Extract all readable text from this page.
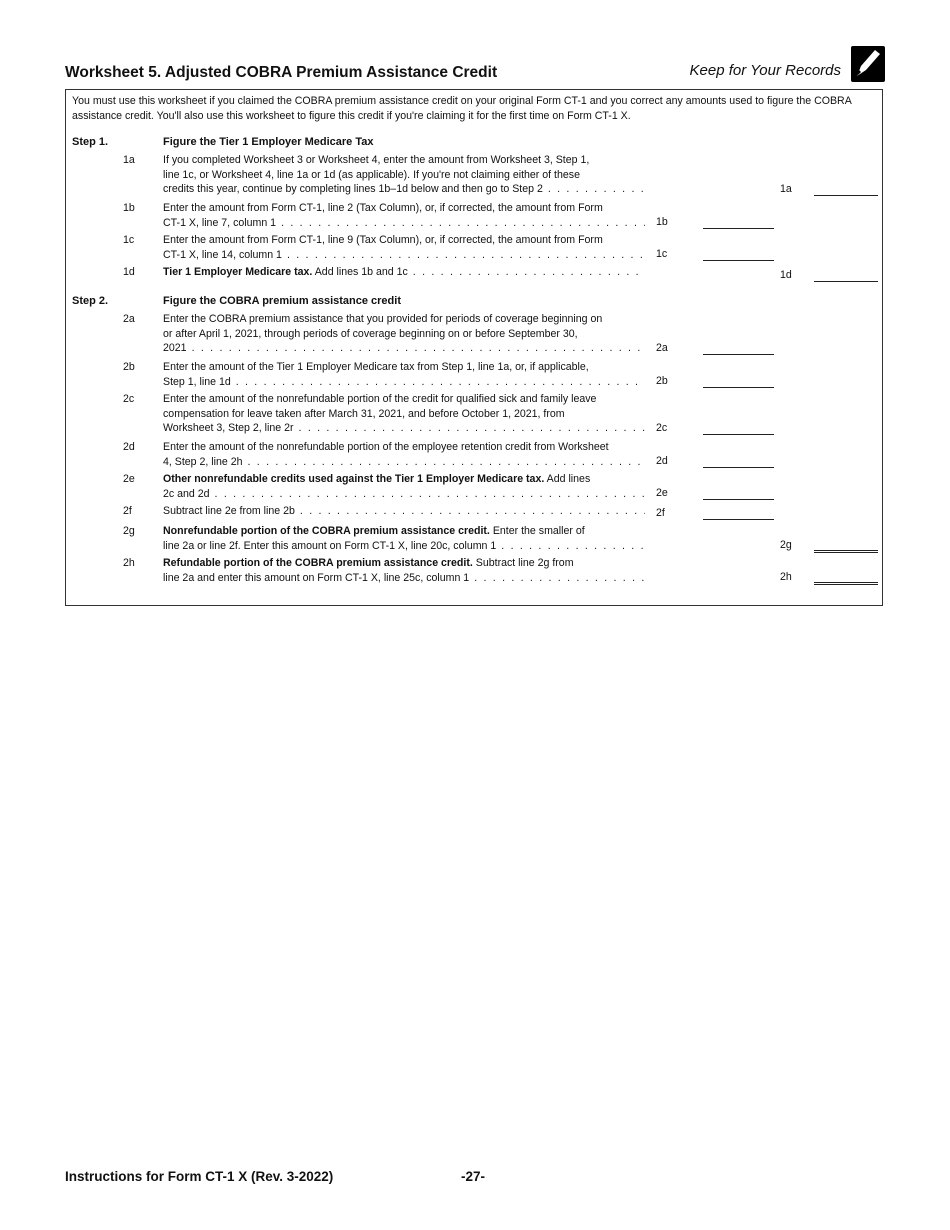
Worksheet 5. Adjusted COBRA Premium Assistance Credit	Keep for Your Records
You must use this worksheet if you claimed the COBRA premium assistance credit on your original Form CT-1 and you correct any amounts used to figure the COBRA assistance credit. You'll also use this worksheet to figure this credit if you're claiming it for the first time on Form CT-1 X.
Step 1.	Figure the Tier 1 Employer Medicare Tax
1a	If you completed Worksheet 3 or Worksheet 4, enter the amount from Worksheet 3, Step 1,
line 1c, or Worksheet 4, line 1a or 1d (as applicable). If you're not claiming either of these
credits this year, continue by completing lines 1b–1d below and then go to Step 2 . . .	1a
1b	Enter the amount from Form CT-1, line 2 (Tax Column), or, if corrected, the amount from Form
CT-1 X, line 7, column 1 . . .	1b
1c	Enter the amount from Form CT-1, line 9 (Tax Column), or, if corrected, the amount from Form
CT-1 X, line 14, column 1 . . .	1c
1d	Tier 1 Employer Medicare tax. Add lines 1b and 1c . . .	1d
Step 2.	Figure the COBRA premium assistance credit
2a	Enter the COBRA premium assistance that you provided for periods of coverage beginning on
or after April 1, 2021, through periods of coverage beginning on or before September 30,
2021 . . .	2a
2b	Enter the amount of the Tier 1 Employer Medicare tax from Step 1, line 1a, or, if applicable,
Step 1, line 1d . . .	2b
2c	Enter the amount of the nonrefundable portion of the credit for qualified sick and family leave
compensation for leave taken after March 31, 2021, and before October 1, 2021, from
Worksheet 3, Step 2, line 2r . . .	2c
2d	Enter the amount of the nonrefundable portion of the employee retention credit from Worksheet
4, Step 2, line 2h . . .	2d
2e	Other nonrefundable credits used against the Tier 1 Employer Medicare tax. Add lines
2c and 2d . . .	2e
2f	Subtract line 2e from line 2b . . .	2f
2g	Nonrefundable portion of the COBRA premium assistance credit. Enter the smaller of
line 2a or line 2f. Enter this amount on Form CT-1 X, line 20c, column 1 . . .	2g
2h	Refundable portion of the COBRA premium assistance credit. Subtract line 2g from
line 2a and enter this amount on Form CT-1 X, line 25c, column 1 . . .	2h
Instructions for Form CT-1 X (Rev. 3-2022)	-27-
